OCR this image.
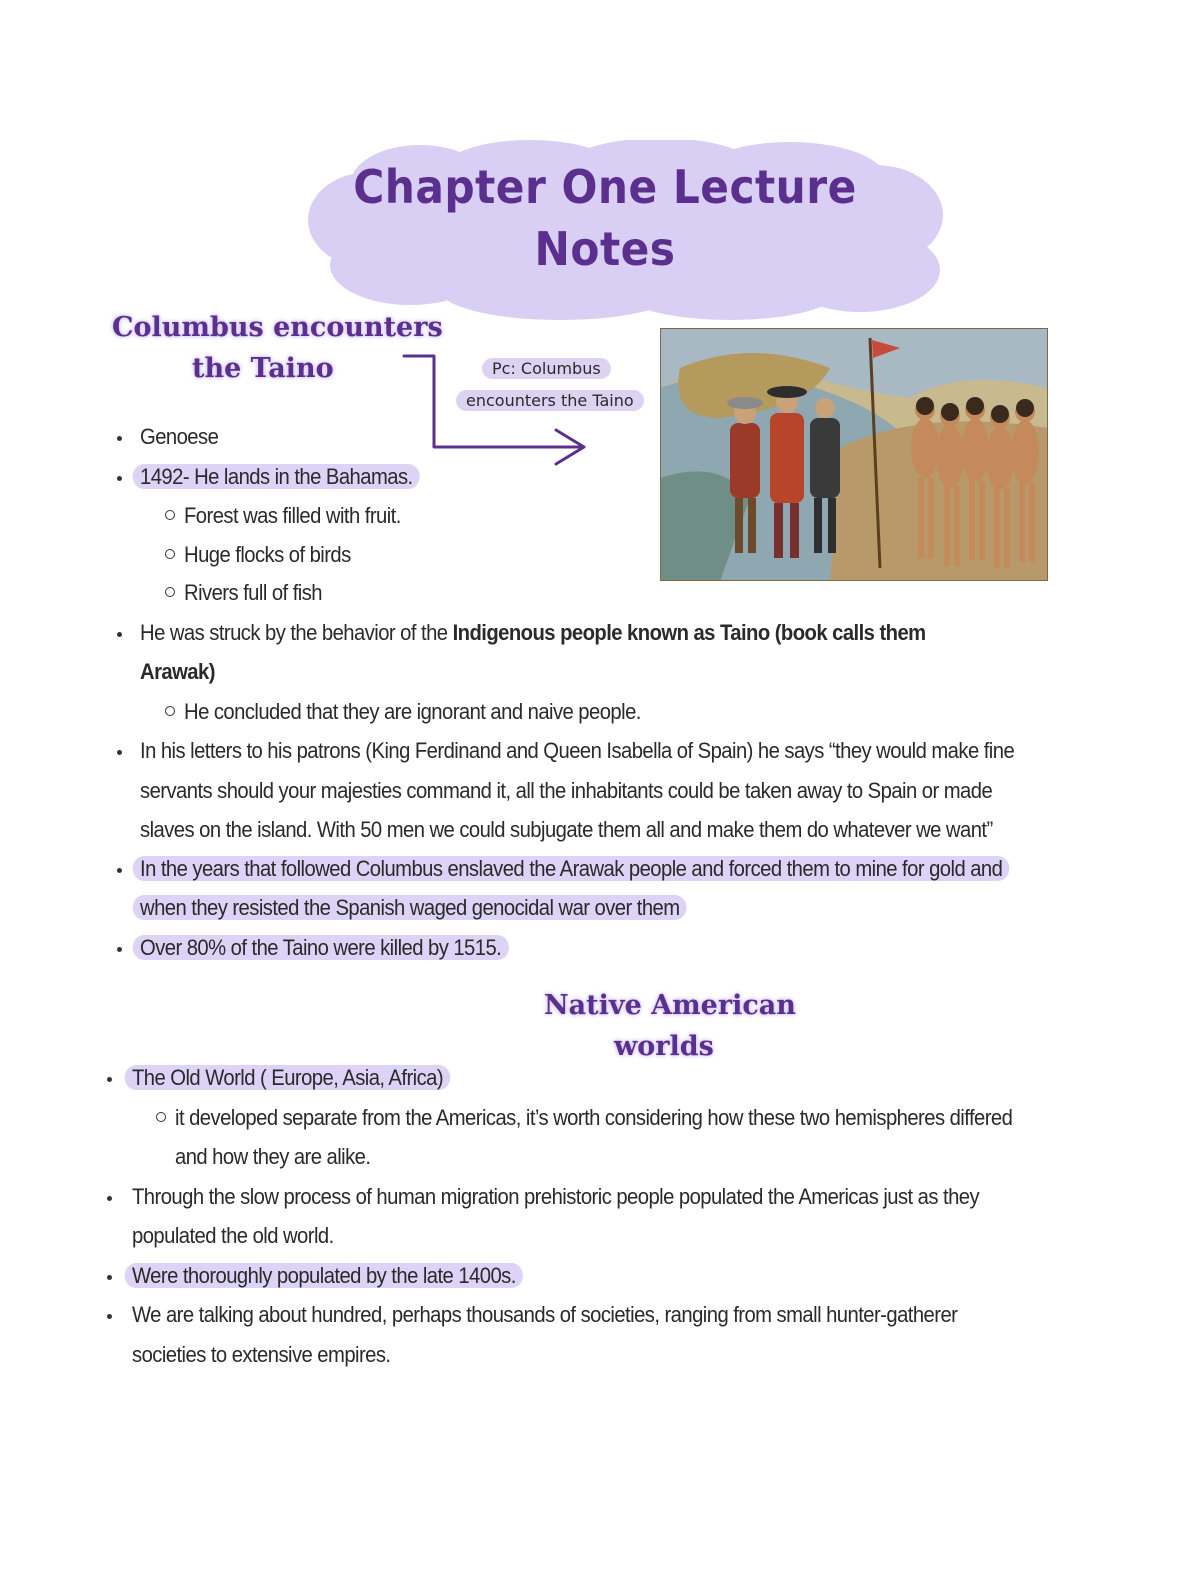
Chapter One Lecture
Notes
Columbus encounters
the Taino	Pc: Columbus
encounters the Taino
Genoese
1492- He lands in the Bahamas.
Forest was filled with fruit.
Huge flocks of birds
Rivers full of fish
He was struck by the behavior of the Indigenous people known as Taino (book calls them
Arawak)
He concluded that they are ignorant and naive people.
In his letters to his patrons (King Ferdinand and Queen Isabella of Spain) he says “they would make fine
servants should your majesties command it, all the inhabitants could be taken away to Spain or made
slaves on the island. With 50 men we could subjugate them all and make them do whatever we want”
In the years that followed Columbus enslaved the Arawak people and forced them to mine for gold and
when they resisted the Spanish waged genocidal war over them
Over 80% of the Taino were killed by 1515.
Native American
worlds
The Old World ( Europe, Asia, Africa)
it developed separate from the Americas, it’s worth considering how these two hemispheres differed
and how they are alike.
Through the slow process of human migration prehistoric people populated the Americas just as they
populated the old world.
Were thoroughly populated by the late 1400s.
We are talking about hundred, perhaps thousands of societies, ranging from small hunter-gatherer
societies to extensive empires.
